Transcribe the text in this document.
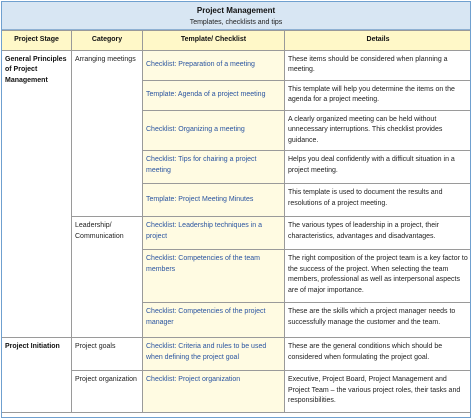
Project Management
Templates, checklists and tips
Project Stage	Category	Template/ Checklist	Details
General Principles of Project Management	Arranging meetings	Checklist: Preparation of a meeting	These items should be considered when planning a meeting.
		Template: Agenda of a project meeting	This template will help you determine the items on the agenda for a project meeting.
		Checklist: Organizing a meeting	A clearly organized meeting can be held without unnecessary interruptions. This checklist provides guidance.
		Checklist: Tips for chairing a project meeting	Helps you deal confidently with a difficult situation in a project meeting.
		Template: Project Meeting Minutes	This template is used to document the results and resolutions of a project meeting.
	Leadership/ Communication	Checklist: Leadership techniques in a project	The various types of leadership in a project, their characteristics, advantages and disadvantages.
		Checklist: Competencies of the team members	The right composition of the project team is a key factor to the success of the project. When selecting the team members, professional as well as interpersonal aspects are of major importance.
		Checklist: Competencies of the project manager	These are the skills which a project manager needs to successfully manage the customer and the team.
Project Initiation	Project goals	Checklist: Criteria and rules to be used when defining the project goal	These are the general conditions which should be considered when formulating the project goal.
	Project organization	Checklist: Project organization	Executive, Project Board, Project Management and Project Team – the various project roles, their tasks and responsibilities.
